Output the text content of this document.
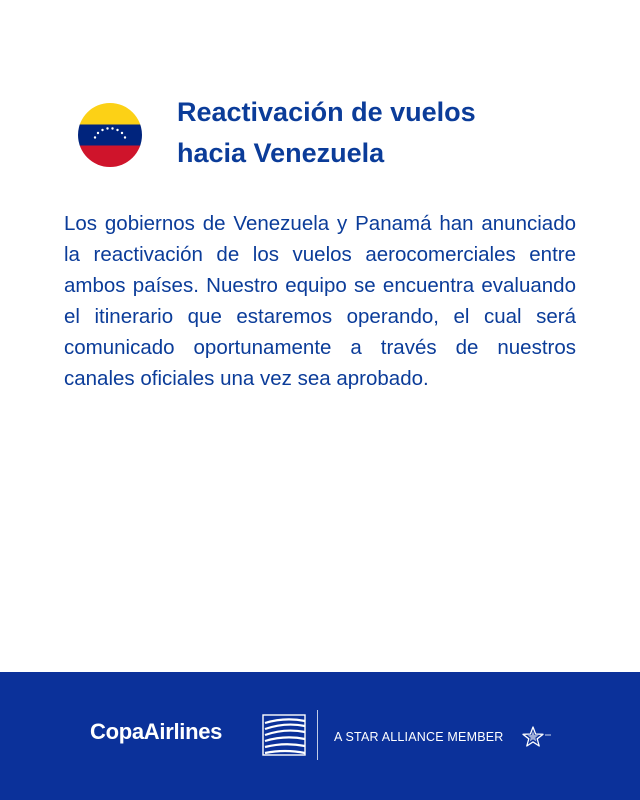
Reactivación de vuelos
hacia Venezuela

Los gobiernos de Venezuela y Panamá han anunciado la reactivación de los vuelos aerocomerciales entre ambos países. Nuestro equipo se encuentra evaluando el itinerario que estaremos operando, el cual será comunicado oportunamente a través de nuestros canales oficiales una vez sea aprobado.

CopaAirlines	A STAR ALLIANCE MEMBER
